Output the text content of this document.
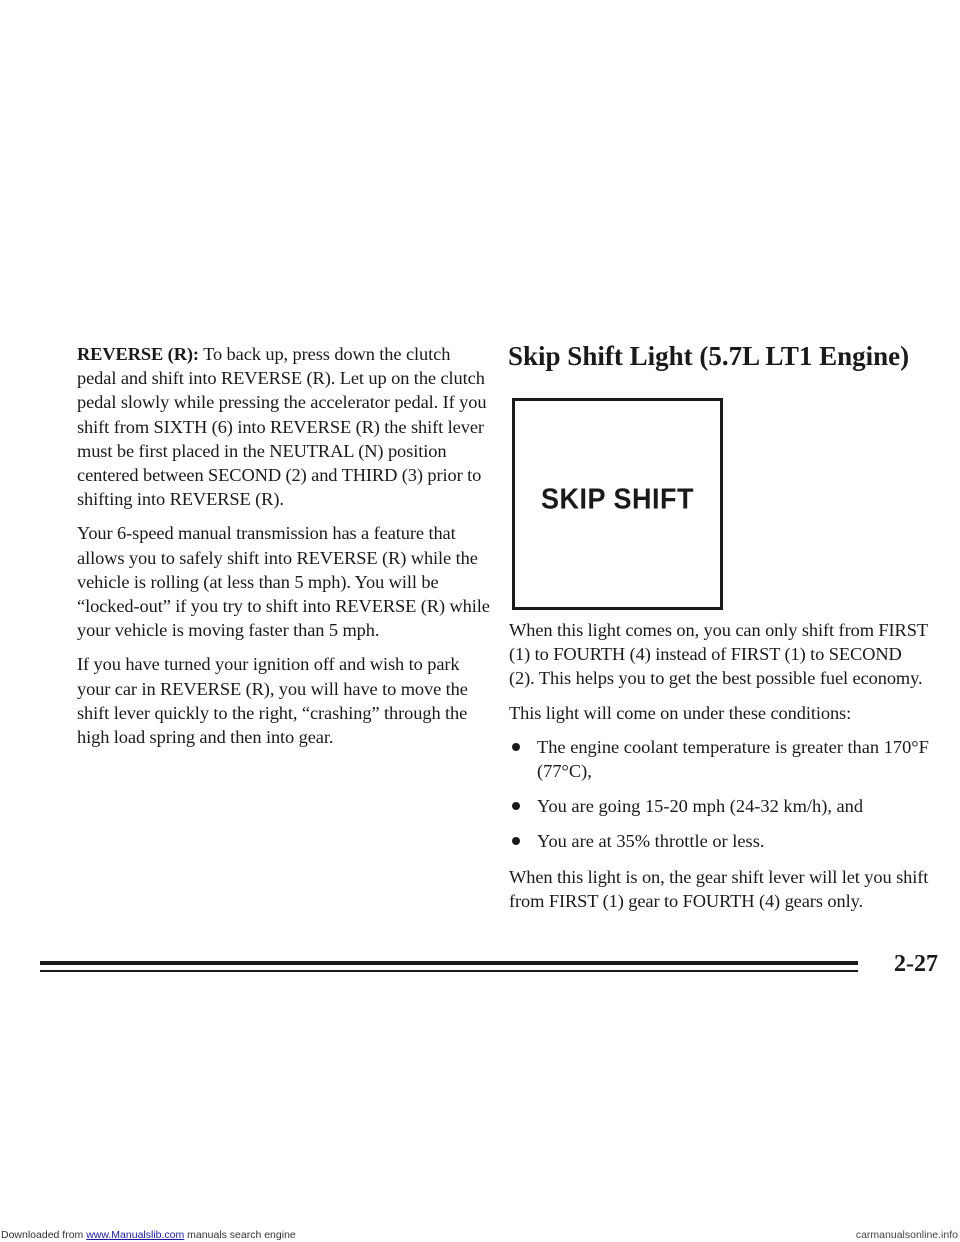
REVERSE (R): To back up, press down the clutch pedal and shift into REVERSE (R). Let up on the clutch pedal slowly while pressing the accelerator pedal. If you shift from SIXTH (6) into REVERSE (R) the shift lever must be first placed in the NEUTRAL (N) position centered between SECOND (2) and THIRD (3) prior to shifting into REVERSE (R).

Your 6-speed manual transmission has a feature that allows you to safely shift into REVERSE (R) while the vehicle is rolling (at less than 5 mph). You will be “locked-out” if you try to shift into REVERSE (R) while your vehicle is moving faster than 5 mph.

If you have turned your ignition off and wish to park your car in REVERSE (R), you will have to move the shift lever quickly to the right, “crashing” through the high load spring and then into gear.

Skip Shift Light (5.7L LT1 Engine)
SKIP SHIFT

When this light comes on, you can only shift from FIRST (1) to FOURTH (4) instead of FIRST (1) to SECOND (2). This helps you to get the best possible fuel economy.

This light will come on under these conditions:

The engine coolant temperature is greater than 170°F (77°C),
You are going 15-20 mph (24-32 km/h), and
You are at 35% throttle or less.

When this light is on, the gear shift lever will let you shift from FIRST (1) gear to FOURTH (4) gears only.

2-27
Downloaded from www.Manualslib.com manuals search engine	carmanualsonline.info
